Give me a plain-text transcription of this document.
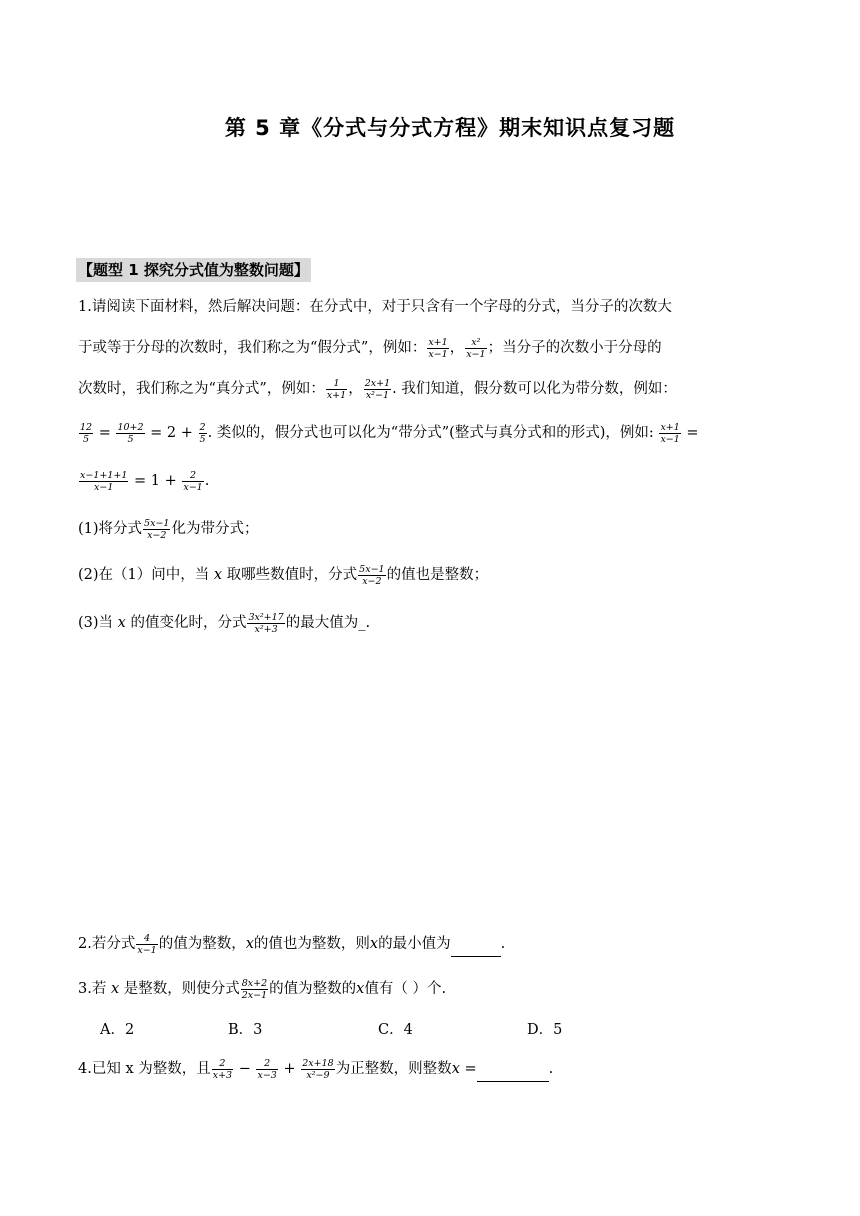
第 5 章《分式与分式方程》期末知识点复习题
【题型 1 探究分式值为整数问题】
1.请阅读下面材料，然后解决问题：在分式中，对于只含有一个字母的分式，当分子的次数大
于或等于分母的次数时，我们称之为“假分式”，例如： $\frac{x+1}{x-1}$ ， $\frac{\text{x²}}{x-1}$ ；当分子的次数小于分母的
次数时，我们称之为“真分式”，例如： $\frac{1}{x+1}$ ， $\frac{2x+1}{\text{x²−1}}$ . 我们知道，假分数可以化为带分数，例如：
$\frac{12}{5} = \frac{10+2}{5} = 2 + \frac{2}{5}$ . 类似的，假分式也可以化为“带分式”(整式与真分式和的形式)，例如: $\frac{x+1}{x-1}$ =
$\frac{x-1+1+1}{x-1} = 1 + \frac{2}{x-1}$ .
(1)将分式 $\frac{5x-1}{x-2}$ 化为带分式；
(2)在（1）问中，当 x 取哪些数值时，分式 $\frac{5x-1}{x-2}$ 的值也是整数；
(3)当 x 的值变化时，分式 $\frac{\text{3x²+17}}{\text{x²+3}}$ 的最大值为_.
2.若分式 $\frac{4}{x-1}$ 的值为整数，x的值也为整数，则x的最小值为	.
3.若 x 是整数，则使分式 $\frac{8x+2}{2x-1}$ 的值为整数的x值有（ ）个.
A．2	B．3	C．4	D．5
4.已知 x 为整数，且 $\frac{2}{x+3} - \frac{2}{x-3} + \frac{2x+18}{\text{x²−9}}$ 为正整数，则整数x =	.
